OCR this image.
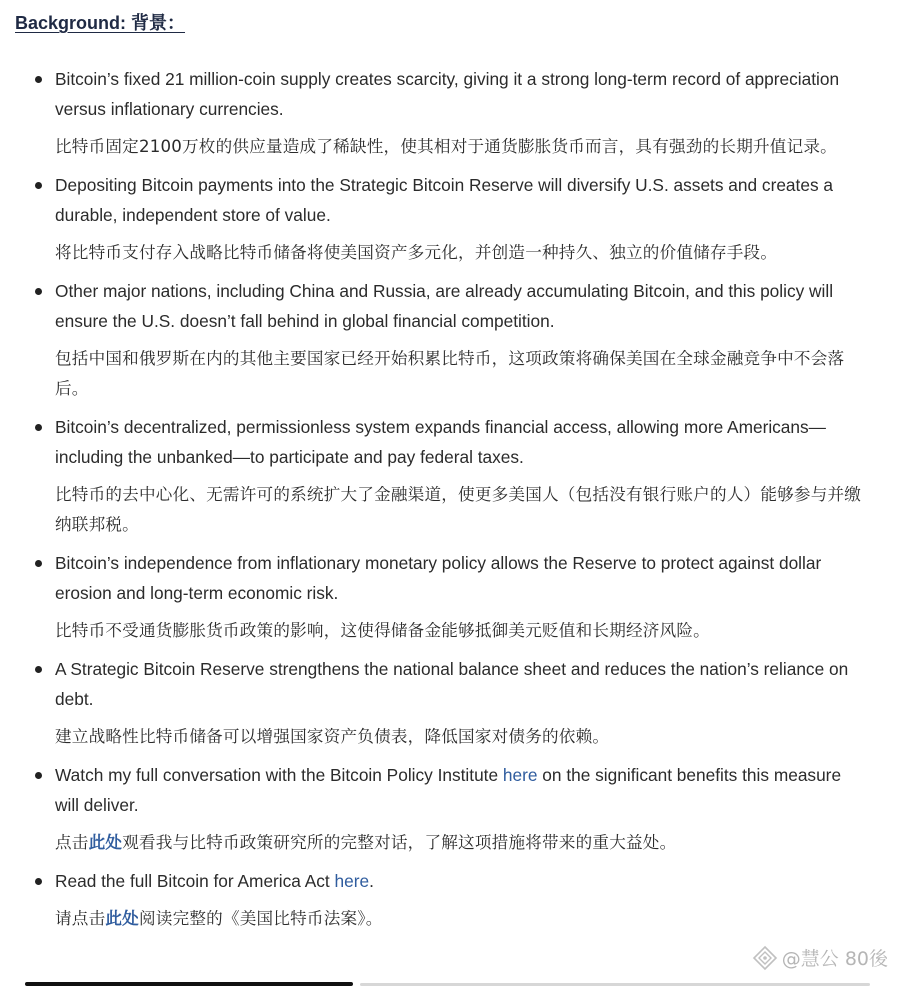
Background: 背景：

Bitcoin’s fixed 21 million-coin supply creates scarcity, giving it a strong long-term record of appreciation versus inflationary currencies.

比特币固定2100万枚的供应量造成了稀缺性，使其相对于通货膨胀货币而言，具有强劲的长期升值记录。

Depositing Bitcoin payments into the Strategic Bitcoin Reserve will diversify U.S. assets and creates a durable, independent store of value.

将比特币支付存入战略比特币储备将使美国资产多元化，并创造一种持久、独立的价值储存手段。

Other major nations, including China and Russia, are already accumulating Bitcoin, and this policy will ensure the U.S. doesn’t fall behind in global financial competition.

包括中国和俄罗斯在内的其他主要国家已经开始积累比特币，这项政策将确保美国在全球金融竞争中不会落后。

Bitcoin’s decentralized, permissionless system expands financial access, allowing more Americans—including the unbanked—to participate and pay federal taxes.

比特币的去中心化、无需许可的系统扩大了金融渠道，使更多美国人（包括没有银行账户的人）能够参与并缴纳联邦税。

Bitcoin’s independence from inflationary monetary policy allows the Reserve to protect against dollar erosion and long-term economic risk.

比特币不受通货膨胀货币政策的影响，这使得储备金能够抵御美元贬值和长期经济风险。

A Strategic Bitcoin Reserve strengthens the national balance sheet and reduces the nation’s reliance on debt.

建立战略性比特币储备可以增强国家资产负债表，降低国家对债务的依赖。

Watch my full conversation with the Bitcoin Policy Institute here on the significant benefits this measure will deliver.

点击此处观看我与比特币政策研究所的完整对话，了解这项措施将带来的重大益处。

Read the full Bitcoin for America Act here.

请点击此处阅读完整的《美国比特币法案》。

@慧公 80後
